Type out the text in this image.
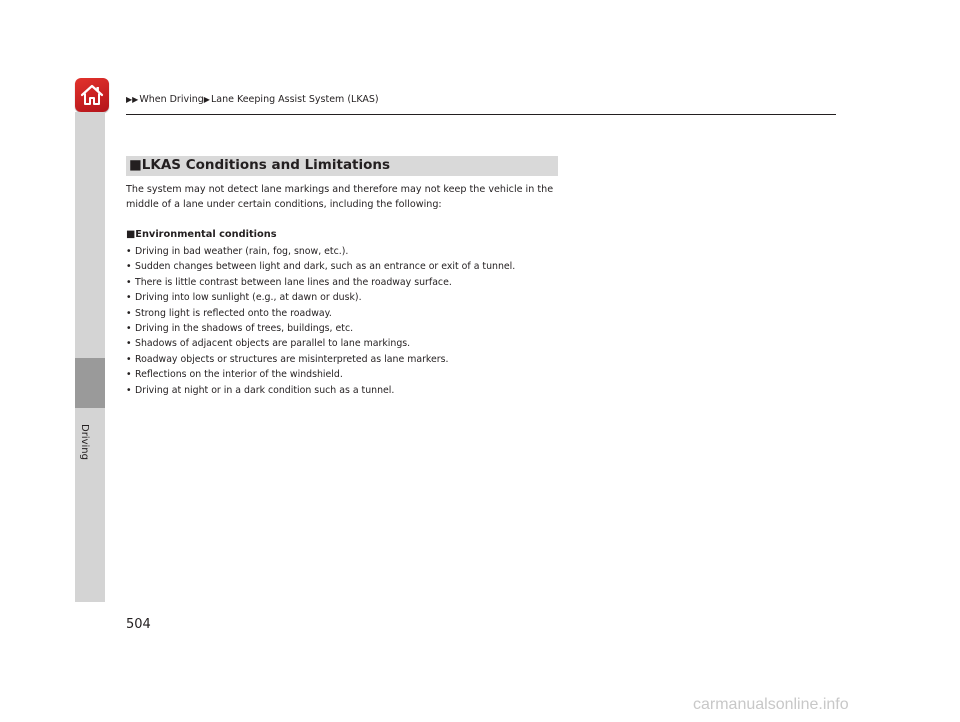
▶▶When Driving▶Lane Keeping Assist System (LKAS)
Driving
■LKAS Conditions and Limitations
The system may not detect lane markings and therefore may not keep the vehicle in the middle of a lane under certain conditions, including the following:
■Environmental conditions
• Driving in bad weather (rain, fog, snow, etc.).
• Sudden changes between light and dark, such as an entrance or exit of a tunnel.
• There is little contrast between lane lines and the roadway surface.
• Driving into low sunlight (e.g., at dawn or dusk).
• Strong light is reflected onto the roadway.
• Driving in the shadows of trees, buildings, etc.
• Shadows of adjacent objects are parallel to lane markings.
• Roadway objects or structures are misinterpreted as lane markers.
• Reflections on the interior of the windshield.
• Driving at night or in a dark condition such as a tunnel.
504
carmanualsonline.info
